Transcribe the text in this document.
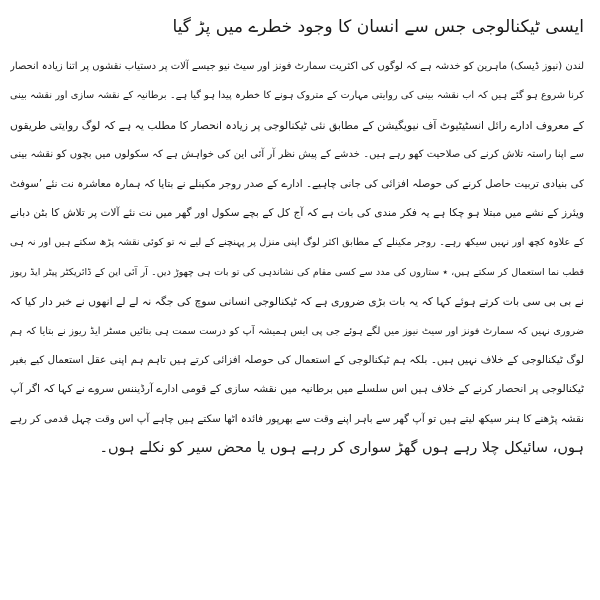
ایسی ٹیکنالوجی جس سے انسان کا وجود خطرے میں پڑ گیا
لندن (نیوز ڈیسک) ماہرین کو خدشہ ہے کہ لوگوں کی اکثریت سمارٹ فونز اور سیٹ نیو جیسے آلات پر دستیاب نقشوں پر اتنا زیادہ انحصار
کرنا شروع ہو گئے ہیں کہ اب نقشہ بینی کی روایتی مہارت کے متروک ہونے کا خطرہ پیدا ہو گیا ہے۔ برطانیہ کے نقشہ سازی اور نقشہ بینی
کے معروف ادارے رائل انسٹیٹیوٹ آف نیویگیشن کے مطابق نئی ٹیکنالوجی پر زیادہ انحصار کا مطلب یہ ہے کہ لوگ روایتی طریقوں
سے اپنا راستہ تلاش کرنے کی صلاحیت کھو رہے ہیں۔ خدشے کے پیش نظر آر آئی این کی خواہش ہے کہ سکولوں میں بچوں کو نقشہ بینی
کی بنیادی تربیت حاصل کرنے کی حوصلہ افزائی کی جانی چاہیے۔ ادارے کے صدر روجر مکینلے نے بتایا کہ ہمارہ معاشرہ نت نئے ’سوفٹ
ویئرز کے نشے میں مبتلا ہو چکا ہے یہ فکر مندی کی بات ہے کہ آج کل کے بچے سکول اور گھر میں نت نئے آلات پر تلاش کا بٹن دبانے
کے علاوہ کچھ اور نہیں سیکھ رہے۔ روجر مکینلے کے مطابق اکثر لوگ اپنی منزل پر پہنچنے کے لیے نہ تو کوئی نقشہ پڑھ سکتے ہیں اور نہ ہی
قطب نما استعمال کر سکتے ہیں، ٭ ستاروں کی مدد سے کسی مقام کی نشاندہی کی تو بات ہی چھوڑ دیں۔ آر آئی این کے ڈائریکٹر پیٹر ایڈ ریوز
نے بی بی سی بات کرتے ہوئے کہا کہ یہ بات بڑی ضروری ہے کہ ٹیکنالوجی انسانی سوچ کی جگہ نہ لے لے انھوں نے خبر دار کیا کہ
ضروری نہیں کہ سمارٹ فونز اور سیٹ نیوز میں لگے ہوئے جی پی ایس ہمیشہ آپ کو درست سمت ہی بتائیں مسٹر ایڈ ریوز نے بتایا کہ ہم
لوگ ٹیکنالوجی کے خلاف نہیں ہیں۔ بلکہ ہم ٹیکنالوجی کے استعمال کی حوصلہ افزائی کرتے ہیں تاہم ہم اپنی عقل استعمال کیے بغیر
ٹیکنالوجی پر انحصار کرنے کے خلاف ہیں اس سلسلے میں برطانیہ میں نقشہ سازی کے قومی ادارے آرڈیننس سروے نے کہا کہ اگر آپ
نقشہ پڑھنے کا ہنر سیکھ لیتے ہیں تو آپ گھر سے باہر اپنے وقت سے بھرپور فائدہ اٹھا سکتے ہیں چاہے آپ اس وقت چہل قدمی کر رہے
ہوں، سائیکل چلا رہے ہوں گھڑ سواری کر رہے ہوں یا محض سیر کو نکلے ہوں۔
